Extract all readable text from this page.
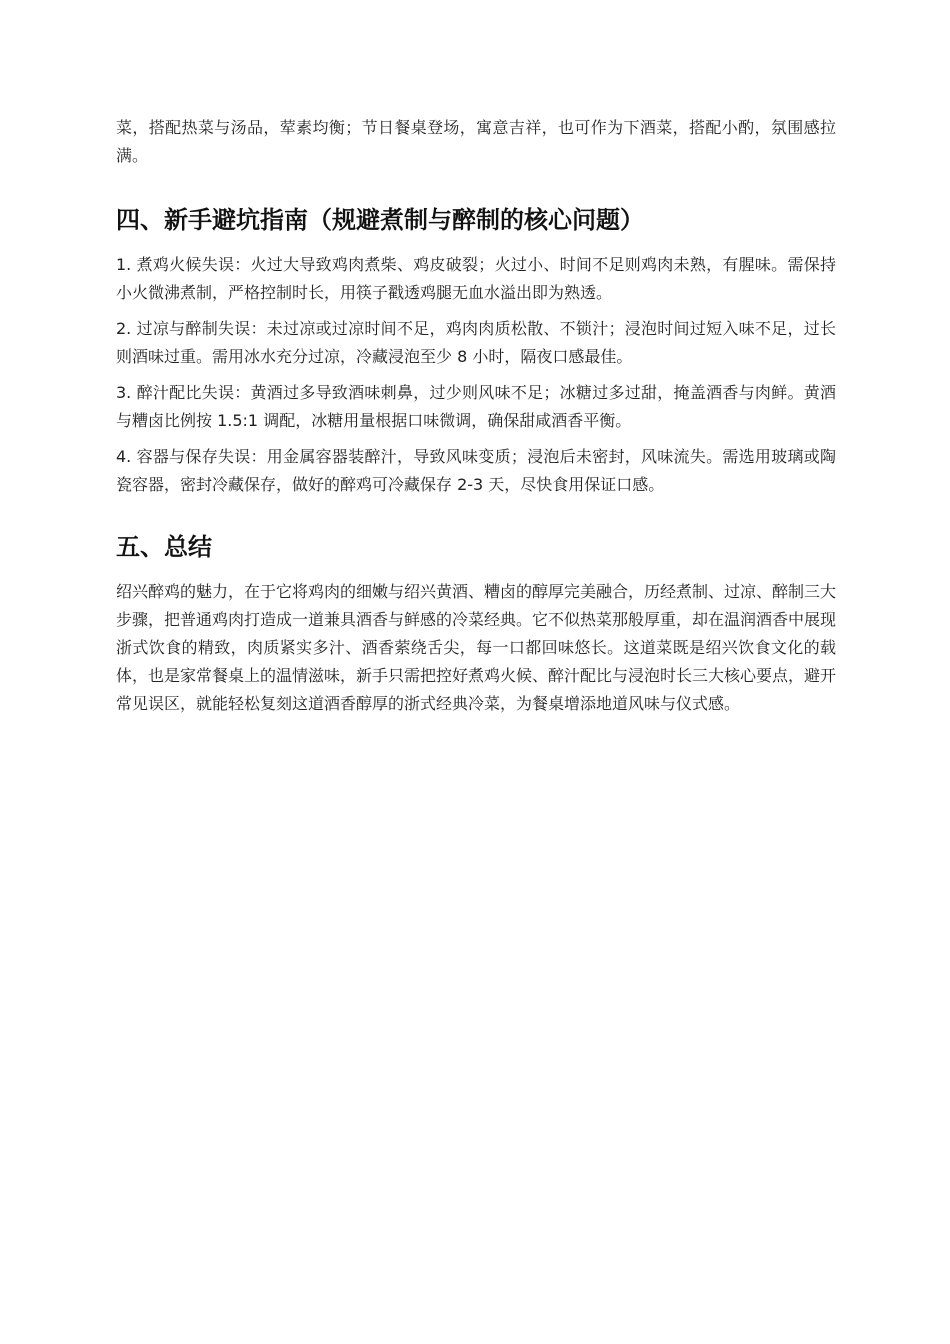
菜，搭配热菜与汤品，荤素均衡；节日餐桌登场，寓意吉祥，也可作为下酒菜，搭配小酌，氛围感拉满。

四、新手避坑指南（规避煮制与醉制的核心问题）

1. 煮鸡火候失误：火过大导致鸡肉煮柴、鸡皮破裂；火过小、时间不足则鸡肉未熟，有腥味。需保持小火微沸煮制，严格控制时长，用筷子戳透鸡腿无血水溢出即为熟透。

2. 过凉与醉制失误：未过凉或过凉时间不足，鸡肉肉质松散、不锁汁；浸泡时间过短入味不足，过长则酒味过重。需用冰水充分过凉，冷藏浸泡至少 8 小时，隔夜口感最佳。

3. 醉汁配比失误：黄酒过多导致酒味刺鼻，过少则风味不足；冰糖过多过甜，掩盖酒香与肉鲜。黄酒与糟卤比例按 1.5:1 调配，冰糖用量根据口味微调，确保甜咸酒香平衡。

4. 容器与保存失误：用金属容器装醉汁，导致风味变质；浸泡后未密封，风味流失。需选用玻璃或陶瓷容器，密封冷藏保存，做好的醉鸡可冷藏保存 2-3 天，尽快食用保证口感。

五、总结

绍兴醉鸡的魅力，在于它将鸡肉的细嫩与绍兴黄酒、糟卤的醇厚完美融合，历经煮制、过凉、醉制三大步骤，把普通鸡肉打造成一道兼具酒香与鲜感的冷菜经典。它不似热菜那般厚重，却在温润酒香中展现浙式饮食的精致，肉质紧实多汁、酒香萦绕舌尖，每一口都回味悠长。这道菜既是绍兴饮食文化的载体，也是家常餐桌上的温情滋味，新手只需把控好煮鸡火候、醉汁配比与浸泡时长三大核心要点，避开常见误区，就能轻松复刻这道酒香醇厚的浙式经典冷菜，为餐桌增添地道风味与仪式感。
